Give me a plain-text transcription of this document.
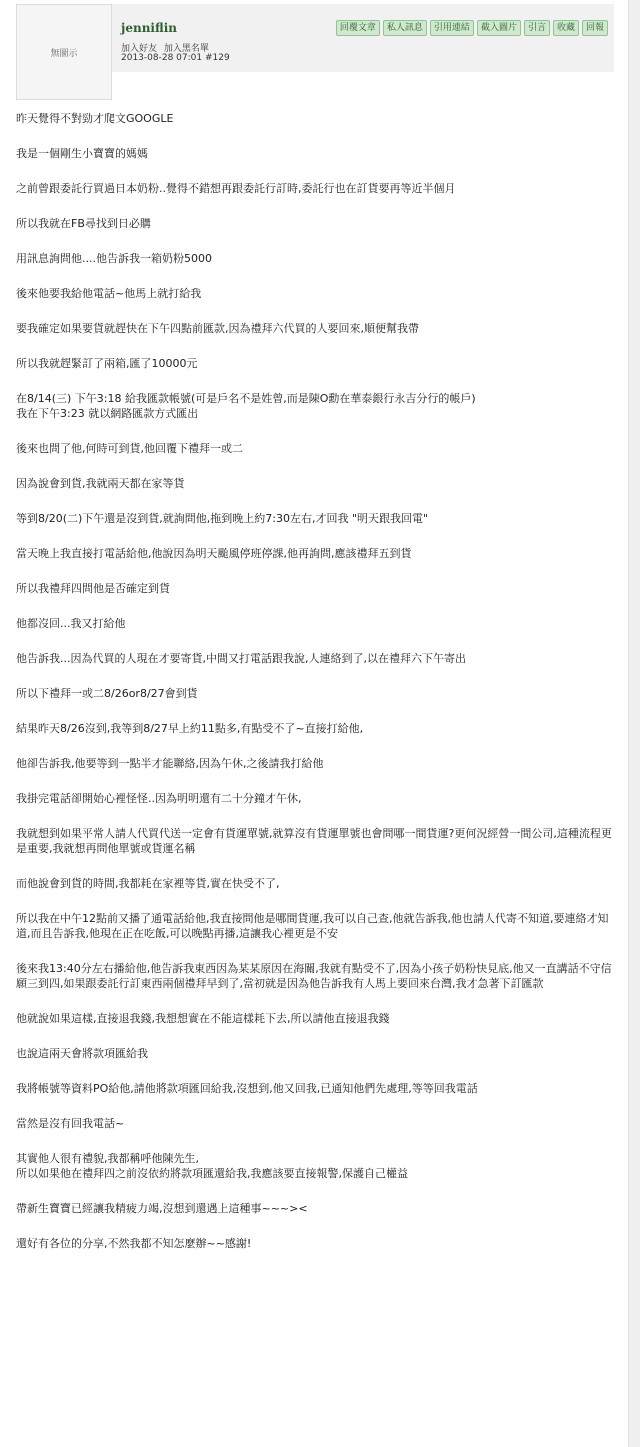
無圖示
jenniflin
加入好友 加入黑名單
2013-08-28 07:01 #129
回覆文章	私人訊息	引用連結	截入圖片	引言	收藏	回報
昨天覺得不對勁才爬文GOOGLE
我是一個剛生小寶寶的媽媽
之前曾跟委託行買過日本奶粉..覺得不錯想再跟委託行訂時,委託行也在訂貨要再等近半個月
所以我就在FB尋找到日必購
用訊息詢問他....他告訴我一箱奶粉5000
後來他要我給他電話~他馬上就打給我
要我確定如果要貨就趕快在下午四點前匯款,因為禮拜六代買的人要回來,順便幫我帶
所以我就趕緊訂了兩箱,匯了10000元
在8/14(三) 下午3:18 給我匯款帳號(可是戶名不是姓曾,而是陳O勳在華泰銀行永吉分行的帳戶)
我在下午3:23 就以網路匯款方式匯出
後來也問了他,何時可到貨,他回覆下禮拜一或二
因為說會到貨,我就兩天都在家等貨
等到8/20(二)下午還是沒到貨,就詢問他,拖到晚上約7:30左右,才回我 "明天跟我回電"
當天晚上我直接打電話給他,他說因為明天颱風停班停課,他再詢問,應該禮拜五到貨
所以我禮拜四問他是否確定到貨
他都沒回...我又打給他
他告訴我...因為代買的人現在才要寄貨,中間又打電話跟我說,人連絡到了,以在禮拜六下午寄出
所以下禮拜一或二8/26or8/27會到貨
結果昨天8/26沒到,我等到8/27早上約11點多,有點受不了~直接打給他,
他卻告訴我,他要等到一點半才能聯絡,因為午休,之後請我打給他
我掛完電話卻開始心裡怪怪..因為明明還有二十分鐘才午休,
我就想到如果平常人請人代買代送一定會有貨運單號,就算沒有貨運單號也會問哪一間貨運?更何況經營一間公司,這種流程更是重要,我就想再問他單號或貨運名稱
而他說會到貨的時間,我都耗在家裡等貨,實在快受不了,
所以我在中午12點前又播了通電話給他,我直接問他是哪間貨運,我可以自己查,他就告訴我,他也請人代寄不知道,要連絡才知道,而且告訴我,他現在正在吃飯,可以晚點再播,這讓我心裡更是不安
後來我13:40分左右播給他,他告訴我東西因為某某原因在海關,我就有點受不了,因為小孩子奶粉快見底,他又一直講話不守信願三到四,如果跟委託行訂東西兩個禮拜早到了,當初就是因為他告訴我有人馬上要回來台灣,我才急著下訂匯款
他就說如果這樣,直接退我錢,我想想實在不能這樣耗下去,所以請他直接退我錢
也說這兩天會將款項匯給我
我將帳號等資料PO給他,請他將款項匯回給我,沒想到,他又回我,已通知他們先處理,等等回我電話
當然是沒有回我電話~
其實他人很有禮貌,我都稱呼他陳先生,
所以如果他在禮拜四之前沒依約將款項匯還給我,我應該要直接報警,保護自己權益
帶新生寶寶已經讓我精疲力竭,沒想到還遇上這種事~~~><
還好有各位的分享,不然我都不知怎麼辦~~感謝!
